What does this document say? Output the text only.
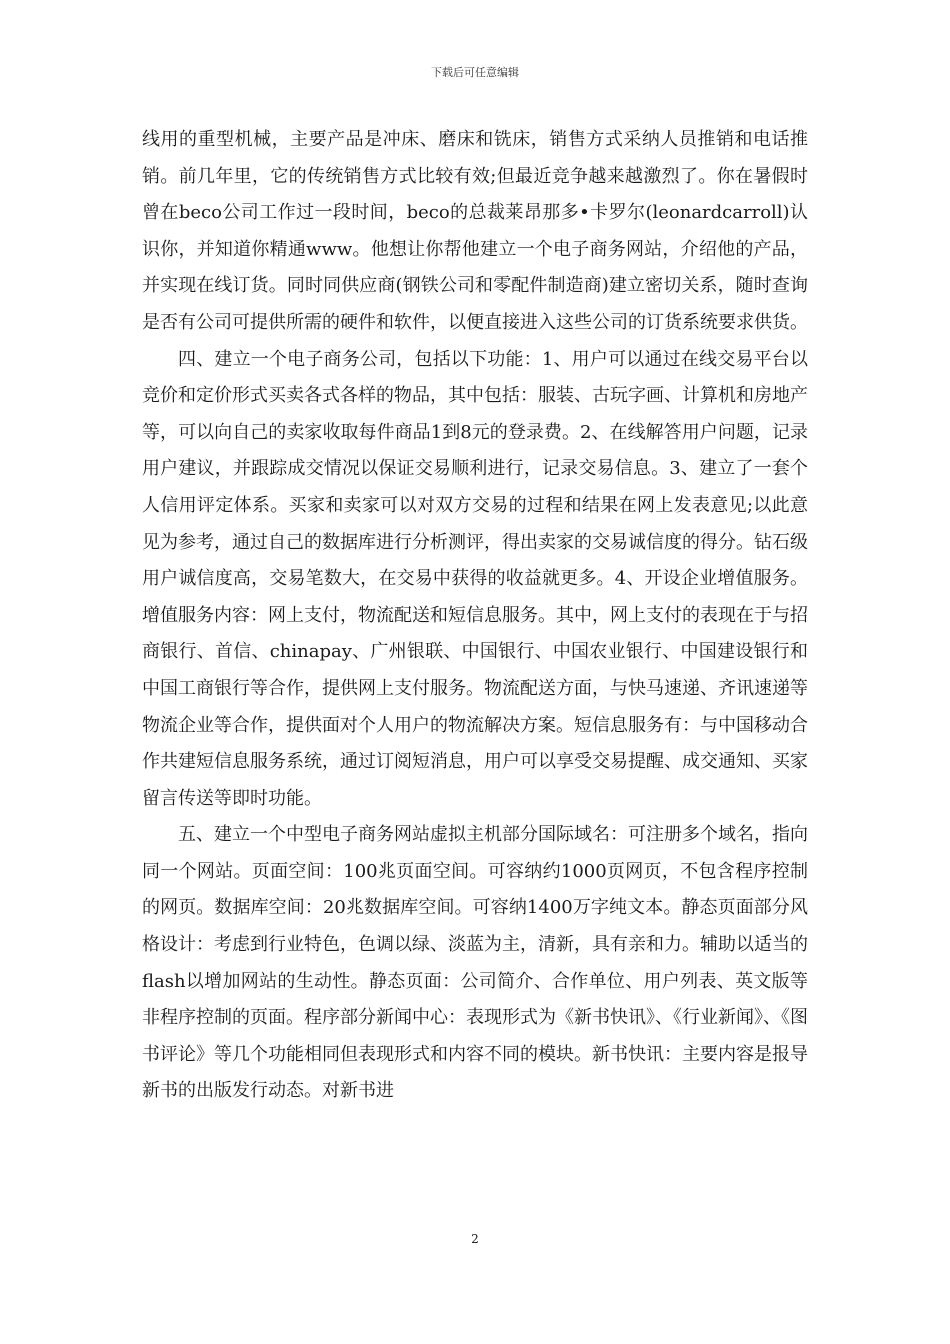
下载后可任意编辑

线用的重型机械，主要产品是冲床、磨床和铣床，销售方式采纳人员推销和电话推销。前几年里，它的传统销售方式比较有效;但最近竞争越来越激烈了。你在暑假时曾在beco公司工作过一段时间，beco的总裁莱昂那多•卡罗尔(leonardcarroll)认识你，并知道你精通www。他想让你帮他建立一个电子商务网站，介绍他的产品，并实现在线订货。同时同供应商(钢铁公司和零配件制造商)建立密切关系，随时查询是否有公司可提供所需的硬件和软件，以便直接进入这些公司的订货系统要求供货。

四、建立一个电子商务公司，包括以下功能：1、用户可以通过在线交易平台以竞价和定价形式买卖各式各样的物品，其中包括：服装、古玩字画、计算机和房地产等，可以向自己的卖家收取每件商品1到8元的登录费。2、在线解答用户问题，记录用户建议，并跟踪成交情况以保证交易顺利进行，记录交易信息。3、建立了一套个人信用评定体系。买家和卖家可以对双方交易的过程和结果在网上发表意见;以此意见为参考，通过自己的数据库进行分析测评，得出卖家的交易诚信度的得分。钻石级用户诚信度高，交易笔数大，在交易中获得的收益就更多。4、开设企业增值服务。增值服务内容：网上支付，物流配送和短信息服务。其中，网上支付的表现在于与招商银行、首信、chinapay、广州银联、中国银行、中国农业银行、中国建设银行和中国工商银行等合作，提供网上支付服务。物流配送方面，与快马速递、齐讯速递等物流企业等合作，提供面对个人用户的物流解决方案。短信息服务有：与中国移动合作共建短信息服务系统，通过订阅短消息，用户可以享受交易提醒、成交通知、买家留言传送等即时功能。

五、建立一个中型电子商务网站虚拟主机部分国际域名：可注册多个域名，指向同一个网站。页面空间：100兆页面空间。可容纳约1000页网页，不包含程序控制的网页。数据库空间：20兆数据库空间。可容纳1400万字纯文本。静态页面部分风格设计：考虑到行业特色，色调以绿、淡蓝为主，清新，具有亲和力。辅助以适当的flash以增加网站的生动性。静态页面：公司简介、合作单位、用户列表、英文版等非程序控制的页面。程序部分新闻中心：表现形式为《新书快讯》、《行业新闻》、《图书评论》等几个功能相同但表现形式和内容不同的模块。新书快讯：主要内容是报导新书的出版发行动态。对新书进

2
